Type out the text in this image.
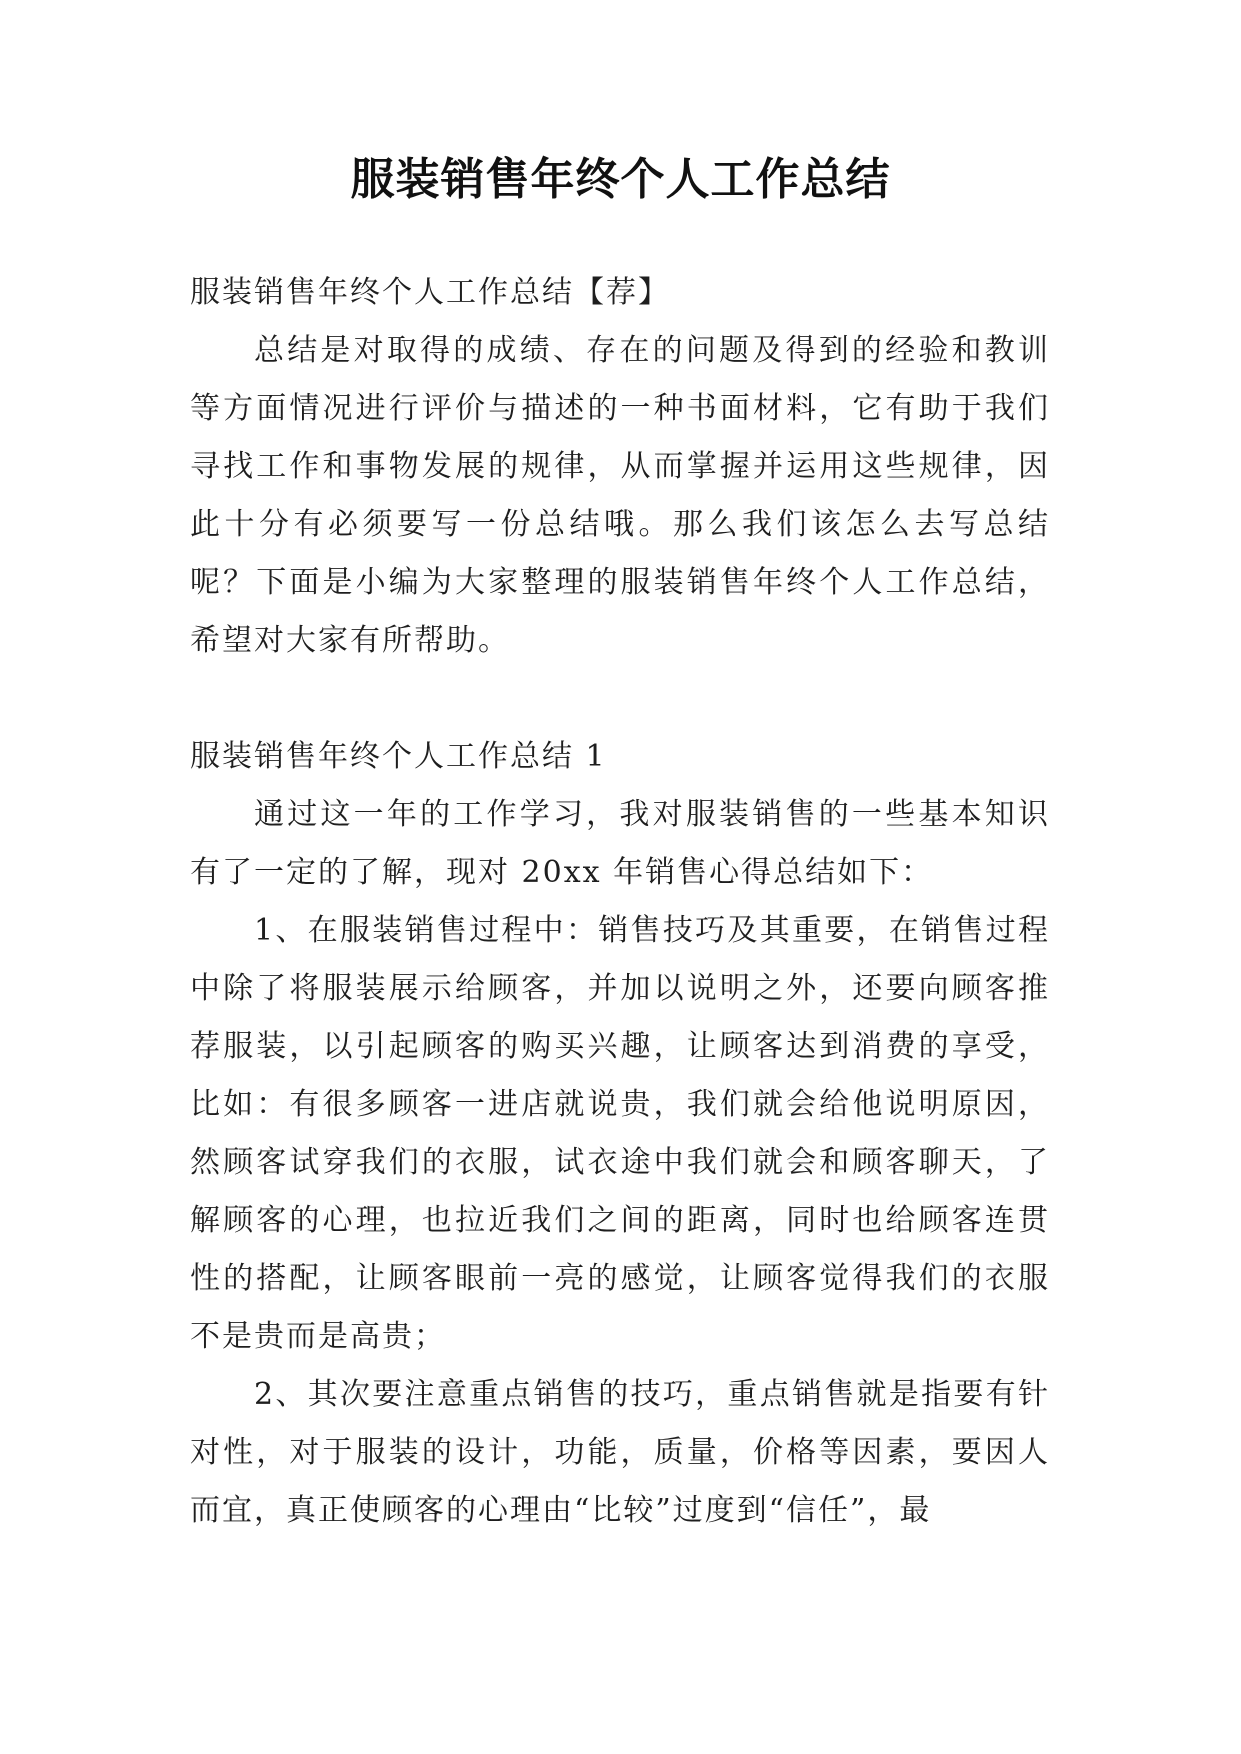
服装销售年终个人工作总结

服装销售年终个人工作总结【荐】

总结是对取得的成绩、存在的问题及得到的经验和教训等方面情况进行评价与描述的一种书面材料，它有助于我们寻找工作和事物发展的规律，从而掌握并运用这些规律，因此十分有必须要写一份总结哦。那么我们该怎么去写总结呢？下面是小编为大家整理的服装销售年终个人工作总结，希望对大家有所帮助。

服装销售年终个人工作总结 1

通过这一年的工作学习，我对服装销售的一些基本知识有了一定的了解，现对 20xx 年销售心得总结如下：

1、在服装销售过程中：销售技巧及其重要，在销售过程中除了将服装展示给顾客，并加以说明之外，还要向顾客推荐服装，以引起顾客的购买兴趣，让顾客达到消费的享受，比如：有很多顾客一进店就说贵，我们就会给他说明原因，然顾客试穿我们的衣服，试衣途中我们就会和顾客聊天，了解顾客的心理，也拉近我们之间的距离，同时也给顾客连贯性的搭配，让顾客眼前一亮的感觉，让顾客觉得我们的衣服不是贵而是高贵；

2、其次要注意重点销售的技巧，重点销售就是指要有针对性，对于服装的设计，功能，质量，价格等因素，要因人而宜，真正使顾客的心理由“比较”过度到“信任”，最
